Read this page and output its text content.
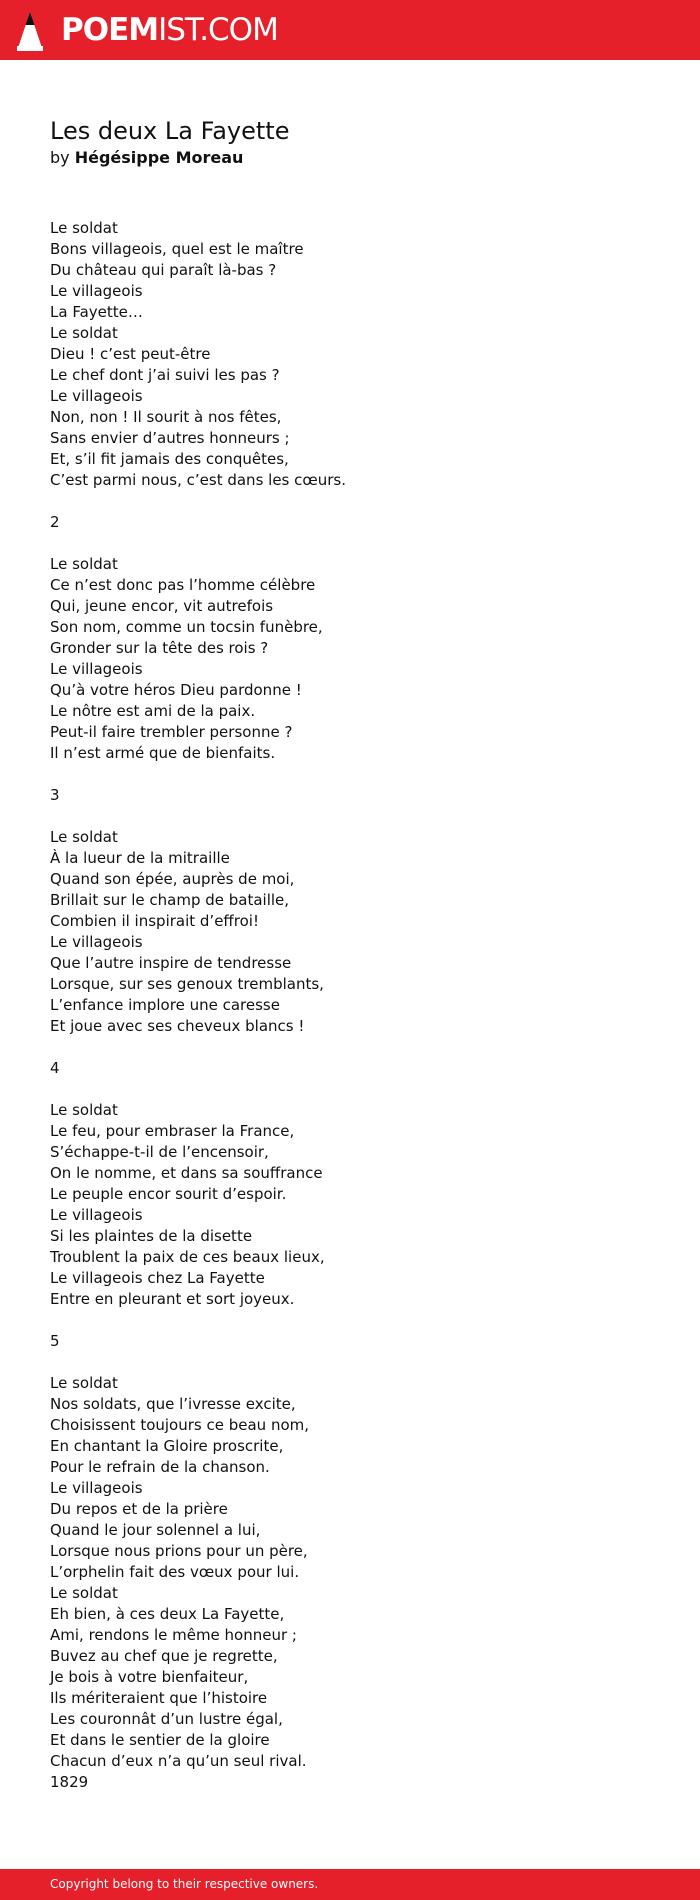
POEMIST.COM
Les deux La Fayette
by Hégésippe Moreau
Le soldat
Bons villageois, quel est le maître
Du château qui paraît là-bas ?
Le villageois
La Fayette…
Le soldat
Dieu ! c’est peut-être
Le chef dont j’ai suivi les pas ?
Le villageois
Non, non ! Il sourit à nos fêtes,
Sans envier d’autres honneurs ;
Et, s’il fit jamais des conquêtes,
C’est parmi nous, c’est dans les cœurs.
2
Le soldat
Ce n’est donc pas l’homme célèbre
Qui, jeune encor, vit autrefois
Son nom, comme un tocsin funèbre,
Gronder sur la tête des rois ?
Le villageois
Qu’à votre héros Dieu pardonne !
Le nôtre est ami de la paix.
Peut-il faire trembler personne ?
Il n’est armé que de bienfaits.
3
Le soldat
À la lueur de la mitraille
Quand son épée, auprès de moi,
Brillait sur le champ de bataille,
Combien il inspirait d’effroi!
Le villageois
Que l’autre inspire de tendresse
Lorsque, sur ses genoux tremblants,
L’enfance implore une caresse
Et joue avec ses cheveux blancs !
4
Le soldat
Le feu, pour embraser la France,
S’échappe-t-il de l’encensoir,
On le nomme, et dans sa souffrance
Le peuple encor sourit d’espoir.
Le villageois
Si les plaintes de la disette
Troublent la paix de ces beaux lieux,
Le villageois chez La Fayette
Entre en pleurant et sort joyeux.
5
Le soldat
Nos soldats, que l’ivresse excite,
Choisissent toujours ce beau nom,
En chantant la Gloire proscrite,
Pour le refrain de la chanson.
Le villageois
Du repos et de la prière
Quand le jour solennel a lui,
Lorsque nous prions pour un père,
L’orphelin fait des vœux pour lui.
Le soldat
Eh bien, à ces deux La Fayette,
Ami, rendons le même honneur ;
Buvez au chef que je regrette,
Je bois à votre bienfaiteur,
Ils mériteraient que l’histoire
Les couronnât d’un lustre égal,
Et dans le sentier de la gloire
Chacun d’eux n’a qu’un seul rival.
1829
Copyright belong to their respective owners.
